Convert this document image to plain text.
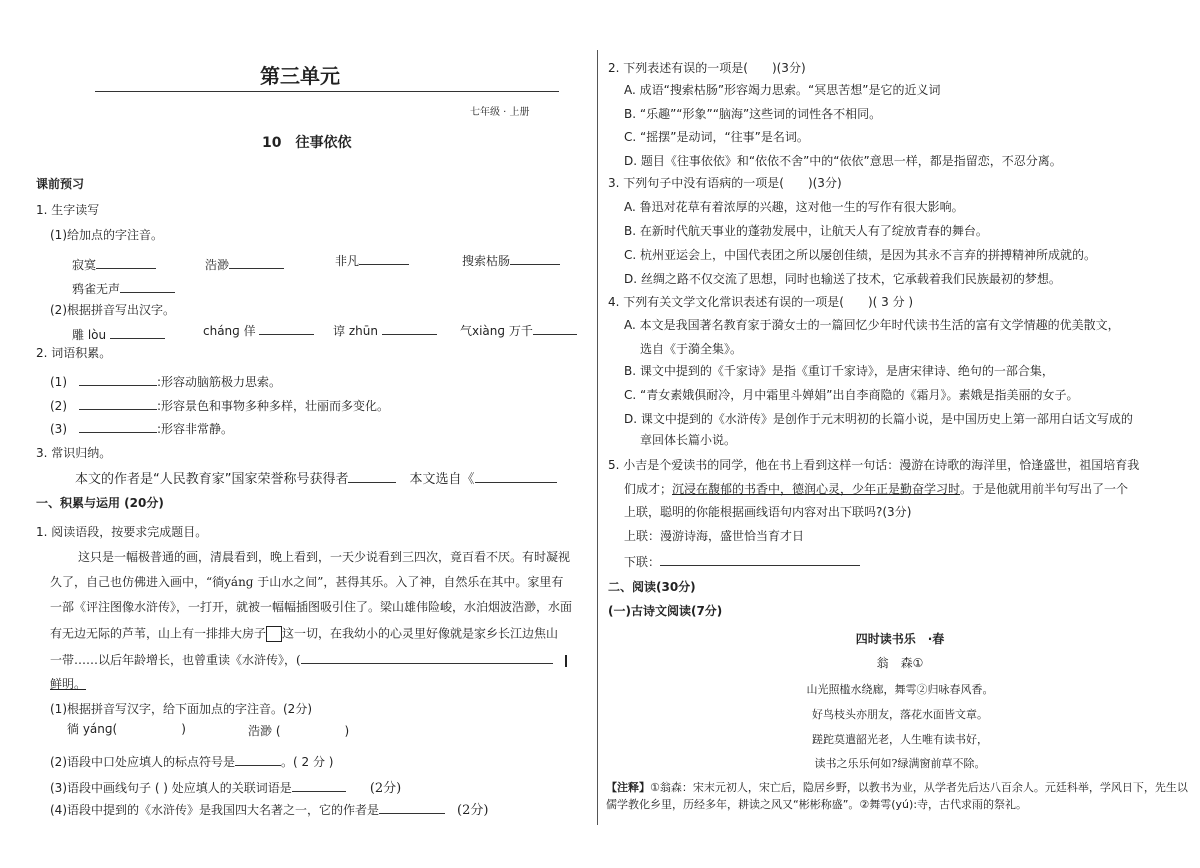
第三单元
七年级 · 上册
10　往事依依
课前预习
1. 生字读写
(1)给加点的字注音。
寂寞	浩渺	非凡	搜索枯肠
鸦雀无声
(2)根据拼音写出汉字。
雕 lòu	chánɡ 佯	谆 zhūn	气xiànɡ 万千
2. 词语积累。
(1)　	:形容动脑筋极力思索。
(2)　	:形容景色和事物多种多样，壮丽而多变化。
(3)　	:形容非常静。
3. 常识归纳。
本文的作者是“人民教育家”国家荣誉称号获得者　	本文选自《
一、积累与运用 (20分)
1. 阅读语段，按要求完成题目。
这只是一幅极普通的画，清晨看到，晚上看到，一天少说看到三四次，竟百看不厌。有时凝视
久了，自己也仿佛进入画中，“徜yánɡ 于山水之间”，甚得其乐。入了神，自然乐在其中。家里有
一部《评注图像水浒传》，一打开，就被一幅幅插图吸引住了。梁山雄伟险峻，水泊烟波浩渺，水面
有无边无际的芦苇，山上有一排排大房子 这一切，在我幼小的心灵里好像就是家乡长江边焦山
一带……以后年龄增长，也曾重读《水浒传》，(　
鲜明。
(1)根据拼音写汉字，给下面加点的字注音。(2分)
徜 yánɡ(	)	浩渺 (	)
(2)语段中口处应填人的标点符号是	。( 2 分 )
(3)语段中画线句子 ( ) 处应填人的关联词语是　　	(2分)
(4)语段中提到的《水浒传》是我国四大名著之一，它的作者是　	(2分)
2. 下列表述有误的一项是(　　)(3分)
A. 成语“搜索枯肠”形容竭力思索。“冥思苦想”是它的近义词
B. “乐趣”“形象”“脑海”这些词的词性各不相同。
C. “摇摆”是动词，“往事”是名词。
D. 题目《往事依依》和“依依不舍”中的“依依”意思一样，都是指留恋，不忍分离。
3. 下列句子中没有语病的一项是(　　)(3分)
A. 鲁迅对花草有着浓厚的兴趣，这对他一生的写作有很大影响。
B. 在新时代航天事业的蓬勃发展中，让航天人有了绽放青春的舞台。
C. 杭州亚运会上，中国代表团之所以屡创佳绩，是因为其永不言弃的拼搏精神所成就的。
D. 丝绸之路不仅交流了思想，同时也输送了技术，它承载着我们民族最初的梦想。
4. 下列有关文学文化常识表述有误的一项是(　　)( 3 分 )
A. 本文是我国著名教育家于漪女士的一篇回忆少年时代读书生活的富有文学情趣的优美散文，
选自《于漪全集》。
B. 课文中提到的《千家诗》是指《重订千家诗》，是唐宋律诗、绝句的一部合集，
C. “青女素娥俱耐冷，月中霜里斗婵娟”出自李商隐的《霜月》。素娥是指美丽的女子。
D. 课文中提到的《水浒传》是创作于元末明初的长篇小说，是中国历史上第一部用白话文写成的
章回体长篇小说。
5. 小吉是个爱读书的同学，他在书上看到这样一句话：漫游在诗歌的海洋里，恰逢盛世，祖国培育我
们成才；沉浸在馥郁的书香中，德润心灵，少年正是勤奋学习时。于是他就用前半句写出了一个
上联，聪明的你能根据画线语句内容对出下联吗?(3分)
上联：漫游诗海，盛世恰当育才日
下联：
二、阅读(30分)
(一)古诗文阅读(7分)
四时读书乐　·春
翁　森①
山光照槛水绕廊，舞雩②归咏春风香。
好鸟枝头亦朋友，落花水面皆文章。
蹉跎莫遣韶光老，人生唯有读书好，
读书之乐乐何如?绿满窗前草不除。
【注释】①翁森：宋末元初人，宋亡后，隐居乡野，以教书为业，从学者先后达八百余人。元廷科举，学风日下，先生以
儒学教化乡里，历经多年，耕读之风又“彬彬称盛”。②舞雩(yú):寺，古代求雨的祭礼。
